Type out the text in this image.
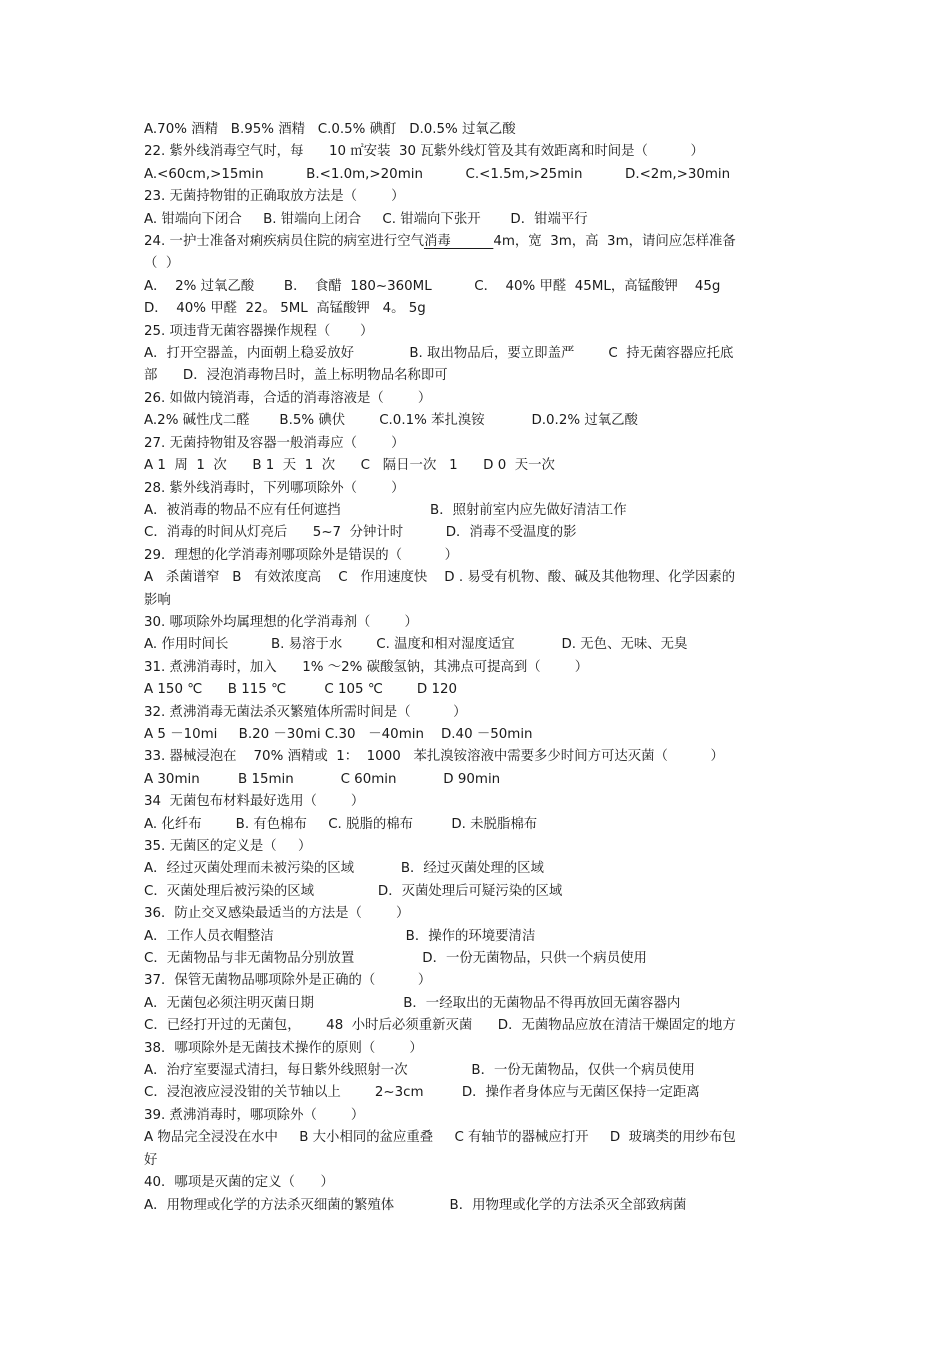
A.70% 酒精   B.95% 酒精   C.0.5% 碘酊   D.0.5% 过氧乙酸
22. 紫外线消毒空气时，每      10 ㎡安装  30 瓦紫外线灯管及其有效距离和时间是（          ）
A.<60cm,>15min          B.<1.0m,>20min          C.<1.5m,>25min          D.<2m,>30min
23. 无菌持物钳的正确取放方法是（        ）
A. 钳端向下闭合     B. 钳端向上闭合     C. 钳端向下张开       D．钳端平行
24. 一护士准备对痢疾病员住院的病室进行空气消毒          4m，宽  3m，高  3m，请问应怎样准备
（  ）
A．  2% 过氧乙酸       B．  食醋  180~360ML          C．  40% 甲醛  45ML，高锰酸钾    45g
D．  40% 甲醛  22。 5ML  高锰酸钾   4。 5g
25. 项违背无菌容器操作规程（       ）
A．打开空器盖，内面朝上稳妥放好             B. 取出物品后，要立即盖严        C  持无菌容器应托底
部      D．浸泡消毒物吕时，盖上标明物品名称即可
26. 如做内镜消毒，合适的消毒溶液是（        ）
A.2% 碱性戊二醛       B.5% 碘伏        C.0.1% 苯扎溴铵           D.0.2% 过氧乙酸
27. 无菌持物钳及容器一般消毒应（        ）
A 1  周  1  次      B 1  天  1  次      C   隔日一次   1      D 0  天一次
28. 紫外线消毒时，下列哪项除外（        ）
A．被消毒的物品不应有任何遮挡                     B．照射前室内应先做好清洁工作
C．消毒的时间从灯亮后      5~7  分钟计时          D．消毒不受温度的影
29．理想的化学消毒剂哪项除外是错误的（          ）
A   杀菌谱窄   B   有效浓度高    C   作用速度快    D . 易受有机物、酸、碱及其他物理、化学因素的
影响
30. 哪项除外均属理想的化学消毒剂（        ）
A. 作用时间长          B. 易溶于水        C. 温度和相对湿度适宜           D. 无色、无味、无臭
31. 煮沸消毒时，加入      1% ～2% 碳酸氢钠，其沸点可提高到（        ）
A 150 ℃      B 115 ℃         C 105 ℃        D 120
32. 煮沸消毒无菌法杀灭繁殖体所需时间是（          ）
A 5 －10mi     B.20 －30mi C.30   －40min    D.40 －50min
33. 器械浸泡在    70% 酒精或  1：  1000   苯扎溴铵溶液中需要多少时间方可达灭菌（          ）
A 30min         B 15min           C 60min           D 90min
34  无菌包布材料最好选用（        ）
A. 化纤布        B. 有色棉布     C. 脱脂的棉布         D. 未脱脂棉布
35. 无菌区的定义是（     ）
A．经过灭菌处理而未被污染的区域           B．经过灭菌处理的区域
C．灭菌处理后被污染的区域               D．灭菌处理后可疑污染的区域
36．防止交叉感染最适当的方法是（        ）
A．工作人员衣帽整洁                               B．操作的环境要清洁
C．无菌物品与非无菌物品分别放置                D．一份无菌物品，只供一个病员使用
37．保管无菌物品哪项除外是正确的（          ）
A．无菌包必须注明灭菌日期                     B．一经取出的无菌物品不得再放回无菌容器内
C．已经打开过的无菌包，      48  小时后必须重新灭菌      D．无菌物品应放在清洁干燥固定的地方
38．哪项除外是无菌技术操作的原则（        ）
A．治疗室要湿式清扫，每日紫外线照射一次               B．一份无菌物品，仅供一个病员使用
C．浸泡液应浸没钳的关节轴以上        2~3cm         D．操作者身体应与无菌区保持一定距离
39. 煮沸消毒时，哪项除外（        ）
A 物品完全浸没在水中     B 大小相同的盆应重叠     C 有轴节的器械应打开     D  玻璃类的用纱布包
好
40．哪项是灭菌的定义（      ）
A．用物理或化学的方法杀灭细菌的繁殖体             B．用物理或化学的方法杀灭全部致病菌
